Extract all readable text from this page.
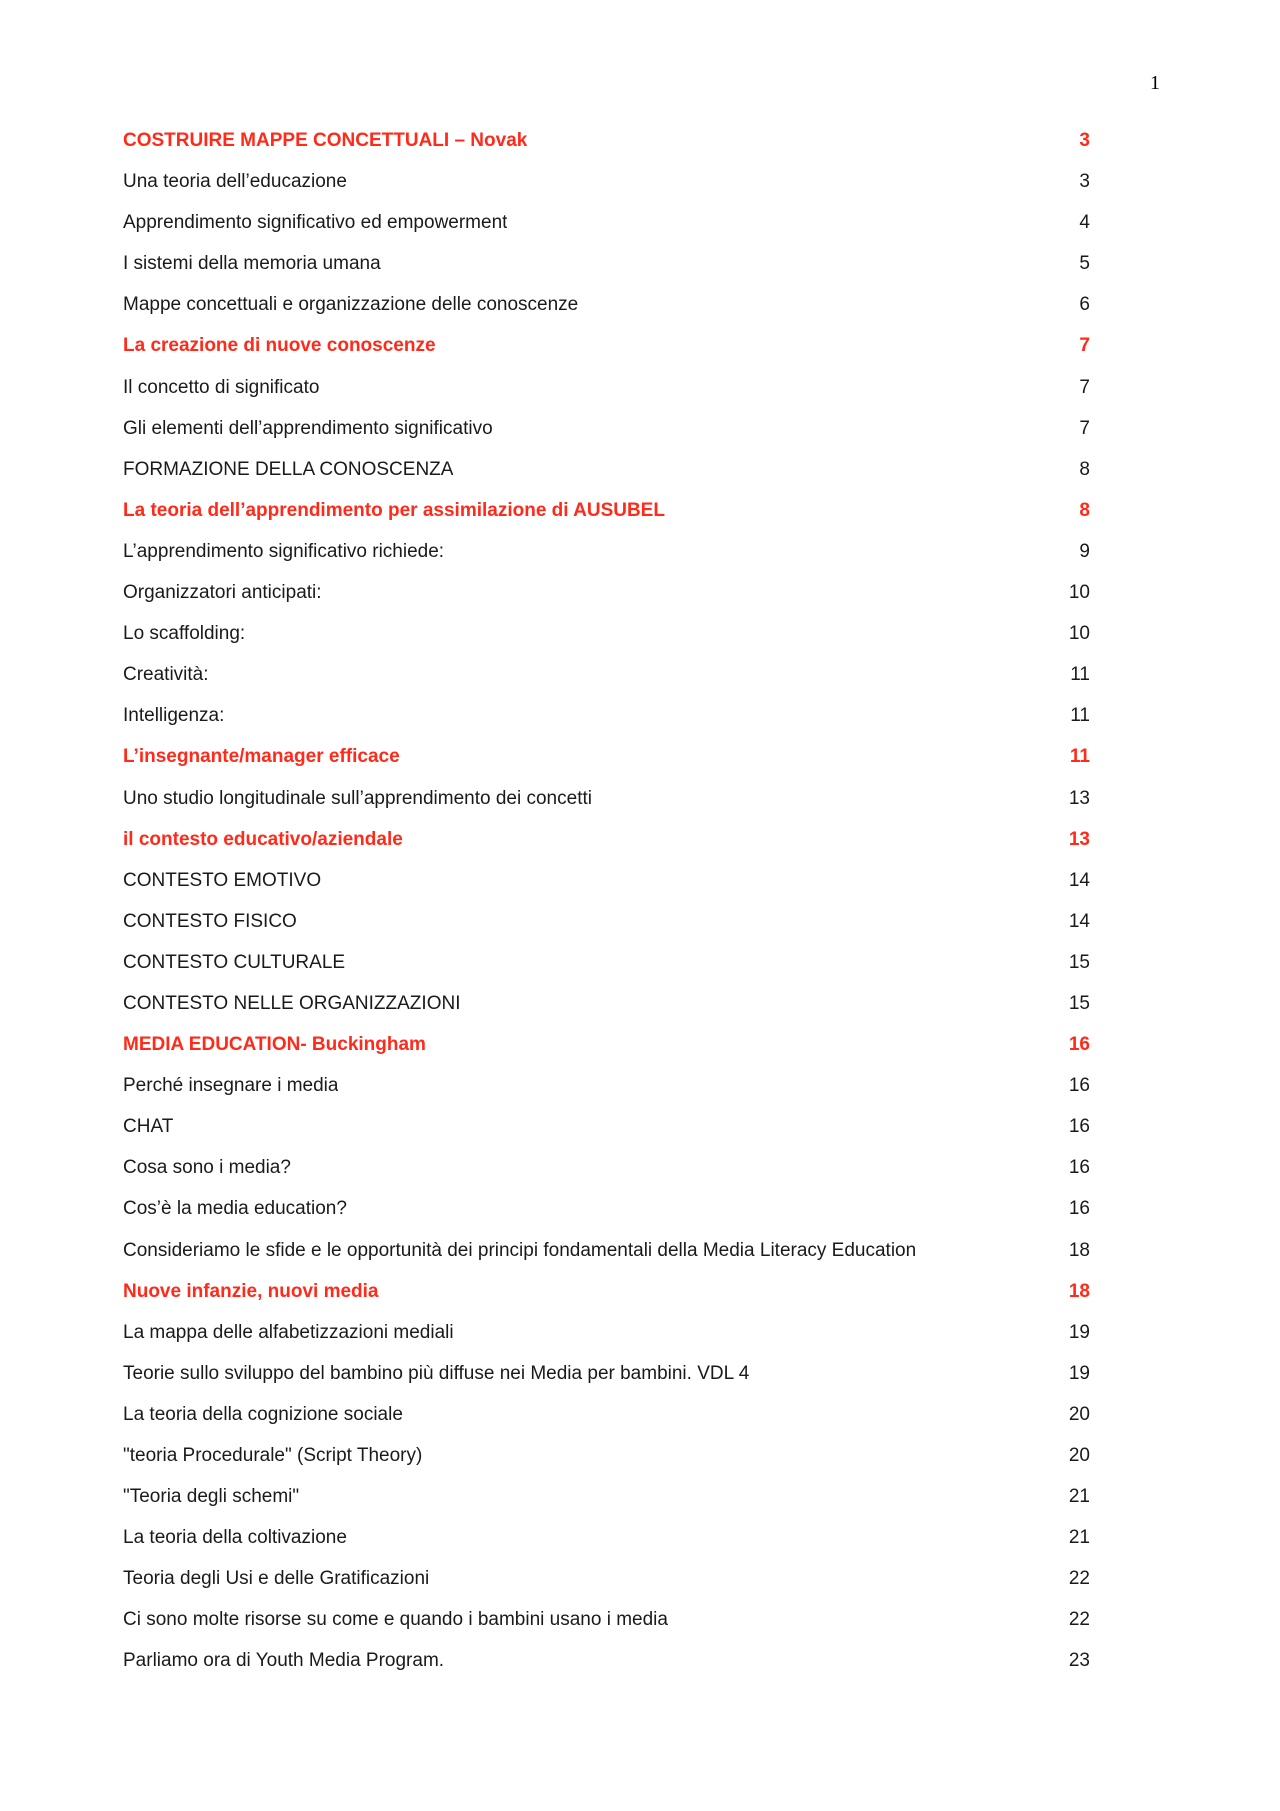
1
COSTRUIRE MAPPE CONCETTUALI – Novak	3
Una teoria dell’educazione	3
Apprendimento significativo ed empowerment	4
I sistemi della memoria umana	5
Mappe concettuali e organizzazione delle conoscenze	6
La creazione di nuove conoscenze	7
Il concetto di significato	7
Gli elementi dell’apprendimento significativo	7
FORMAZIONE DELLA CONOSCENZA	8
La teoria dell’apprendimento per assimilazione di AUSUBEL	8
L’apprendimento significativo richiede:	9
Organizzatori anticipati:	10
Lo scaffolding:	10
Creatività:	11
Intelligenza:	11
L’insegnante/manager efficace	11
Uno studio longitudinale sull’apprendimento dei concetti	13
il contesto educativo/aziendale	13
CONTESTO EMOTIVO	14
CONTESTO FISICO	14
CONTESTO CULTURALE	15
CONTESTO NELLE ORGANIZZAZIONI	15
MEDIA EDUCATION- Buckingham	16
Perché insegnare i media	16
CHAT	16
Cosa sono i media?	16
Cos’è la media education?	16
Consideriamo le sfide e le opportunità dei principi fondamentali della Media Literacy Education	18
Nuove infanzie, nuovi media	18
La mappa delle alfabetizzazioni mediali	19
Teorie sullo sviluppo del bambino più diffuse nei Media per bambini. VDL 4	19
La teoria della cognizione sociale	20
"teoria Procedurale" (Script Theory)	20
"Teoria degli schemi"	21
La teoria della coltivazione	21
Teoria degli Usi e delle Gratificazioni	22
Ci sono molte risorse su come e quando i bambini usano i media	22
Parliamo ora di Youth Media Program.	23
